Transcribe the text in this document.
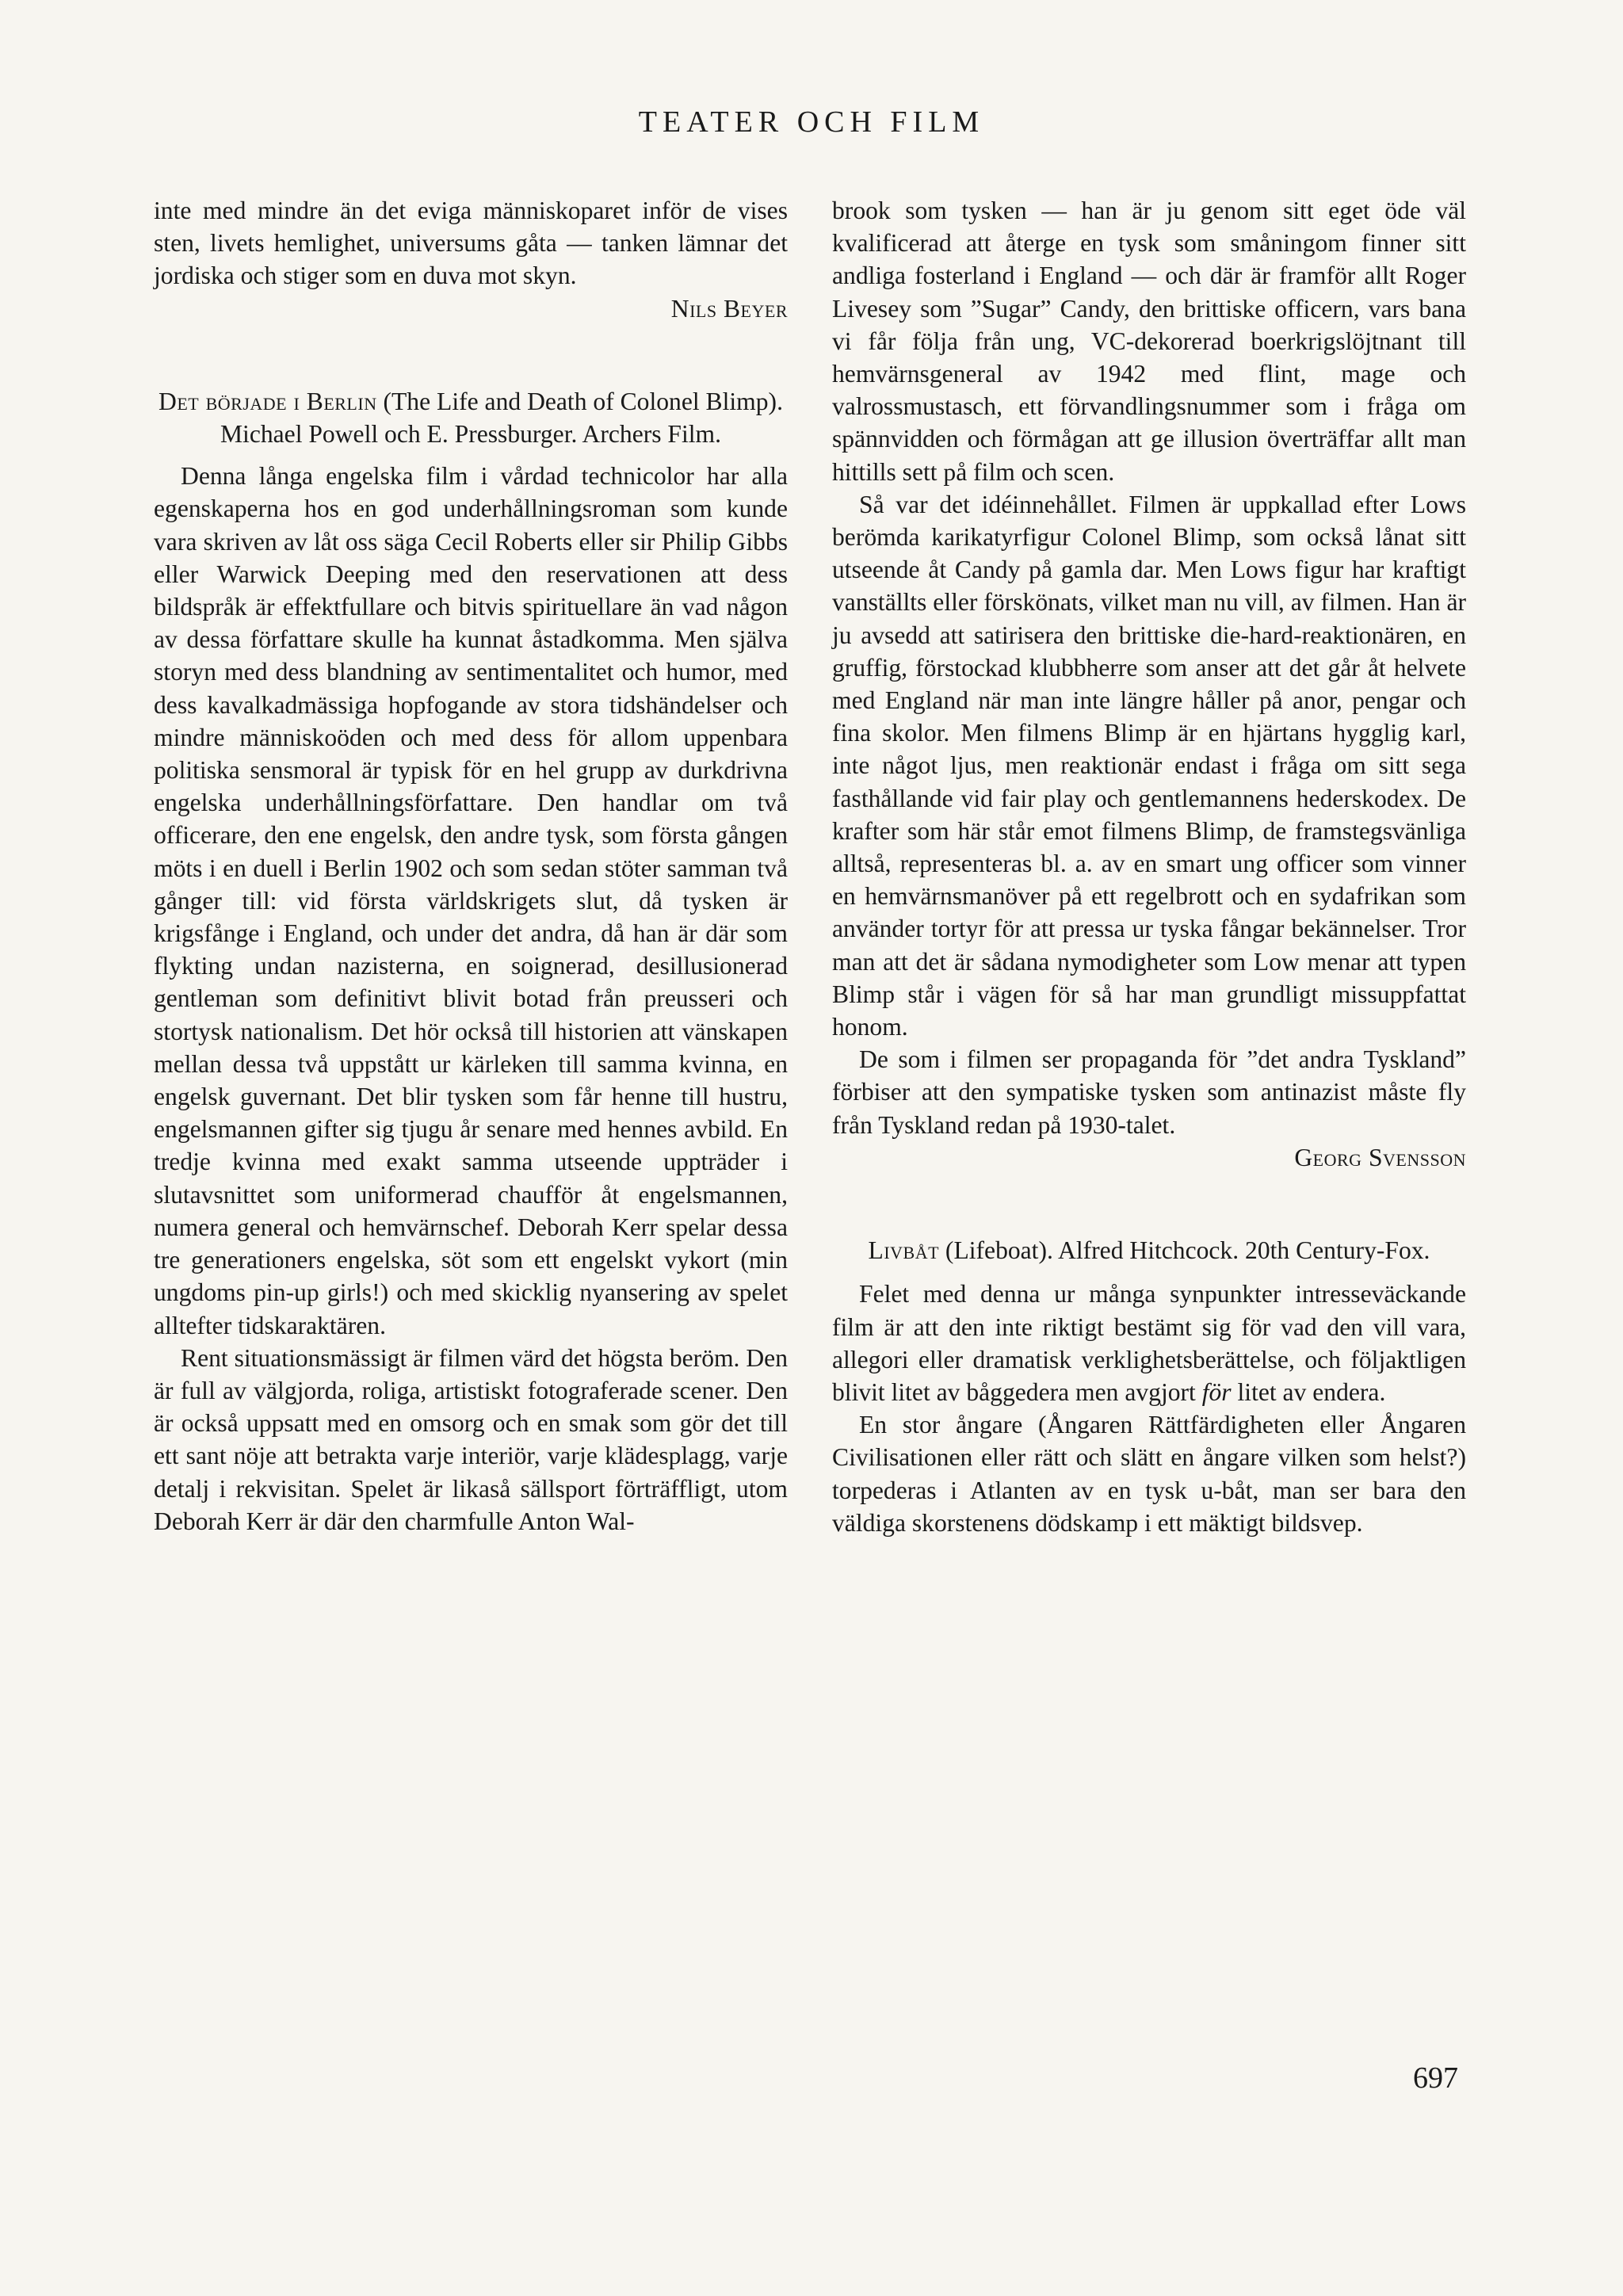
TEATER OCH FILM

inte med mindre än det eviga människoparet inför de vises sten, livets hemlighet, universums gåta — tanken lämnar det jordiska och stiger som en duva mot skyn.

Nils Beyer

Det började i Berlin (The Life and Death of Colonel Blimp). Michael Powell och E. Pressburger. Archers Film.

Denna långa engelska film i vårdad technicolor har alla egenskaperna hos en god underhållningsroman som kunde vara skriven av låt oss säga Cecil Roberts eller sir Philip Gibbs eller Warwick Deeping med den reservationen att dess bildspråk är effektfullare och bitvis spirituellare än vad någon av dessa författare skulle ha kunnat åstadkomma. Men själva storyn med dess blandning av sentimentalitet och humor, med dess kavalkadmässiga hopfogande av stora tidshändelser och mindre människoöden och med dess för allom uppenbara politiska sensmoral är typisk för en hel grupp av durkdrivna engelska underhållningsförfattare. Den handlar om två officerare, den ene engelsk, den andre tysk, som första gången möts i en duell i Berlin 1902 och som sedan stöter samman två gånger till: vid första världskrigets slut, då tysken är krigsfånge i England, och under det andra, då han är där som flykting undan nazisterna, en soignerad, desillusionerad gentleman som definitivt blivit botad från preusseri och stortysk nationalism. Det hör också till historien att vänskapen mellan dessa två uppstått ur kärleken till samma kvinna, en engelsk guvernant. Det blir tysken som får henne till hustru, engelsmannen gifter sig tjugu år senare med hennes avbild. En tredje kvinna med exakt samma utseende uppträder i slutavsnittet som uniformerad chaufför åt engelsmannen, numera general och hemvärnschef. Deborah Kerr spelar dessa tre generationers engelska, söt som ett engelskt vykort (min ungdoms pin-up girls!) och med skicklig nyansering av spelet alltefter tidskaraktären.

Rent situationsmässigt är filmen värd det högsta beröm. Den är full av välgjorda, roliga, artistiskt fotograferade scener. Den är också uppsatt med en omsorg och en smak som gör det till ett sant nöje att betrakta varje interiör, varje klädesplagg, varje detalj i rekvisitan. Spelet är likaså sällsport förträffligt, utom Deborah Kerr är där den charmfulle Anton Wal-

brook som tysken — han är ju genom sitt eget öde väl kvalificerad att återge en tysk som småningom finner sitt andliga fosterland i England — och där är framför allt Roger Livesey som ”Sugar” Candy, den brittiske officern, vars bana vi får följa från ung, VC-dekorerad boerkrigslöjtnant till hemvärnsgeneral av 1942 med flint, mage och valrossmustasch, ett förvandlingsnummer som i fråga om spännvidden och förmågan att ge illusion överträffar allt man hittills sett på film och scen.

Så var det idéinnehållet. Filmen är uppkallad efter Lows berömda karikatyrfigur Colonel Blimp, som också lånat sitt utseende åt Candy på gamla dar. Men Lows figur har kraftigt vanställts eller förskönats, vilket man nu vill, av filmen. Han är ju avsedd att satirisera den brittiske die-hard-reaktionären, en gruffig, förstockad klubbherre som anser att det går åt helvete med England när man inte längre håller på anor, pengar och fina skolor. Men filmens Blimp är en hjärtans hygglig karl, inte något ljus, men reaktionär endast i fråga om sitt sega fasthållande vid fair play och gentlemannens hederskodex. De krafter som här står emot filmens Blimp, de framstegsvänliga alltså, representeras bl. a. av en smart ung officer som vinner en hemvärnsmanöver på ett regelbrott och en sydafrikan som använder tortyr för att pressa ur tyska fångar bekännelser. Tror man att det är sådana nymodigheter som Low menar att typen Blimp står i vägen för så har man grundligt missuppfattat honom.

De som i filmen ser propaganda för ”det andra Tyskland” förbiser att den sympatiske tysken som antinazist måste fly från Tyskland redan på 1930-talet.

Georg Svensson

Livbåt (Lifeboat). Alfred Hitchcock. 20th Century-Fox.

Felet med denna ur många synpunkter intresseväckande film är att den inte riktigt bestämt sig för vad den vill vara, allegori eller dramatisk verklighetsberättelse, och följaktligen blivit litet av båggedera men avgjort för litet av endera.

En stor ångare (Ångaren Rättfärdigheten eller Ångaren Civilisationen eller rätt och slätt en ångare vilken som helst?) torpederas i Atlanten av en tysk u-båt, man ser bara den väldiga skorstenens dödskamp i ett mäktigt bildsvep.

697
